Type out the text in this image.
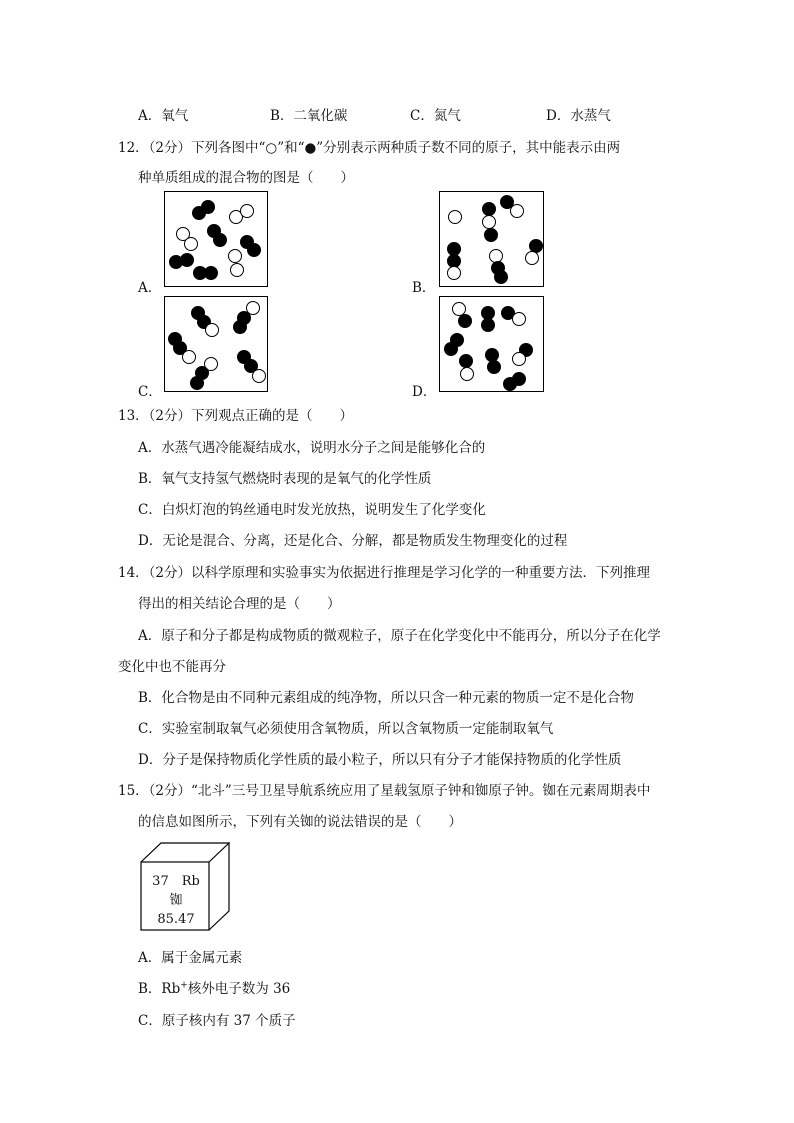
A．氧气	B．二氧化碳	C．氮气	D．水蒸气
12．（2分）下列各图中“○”和“●”分别表示两种质子数不同的原子，其中能表示由两
种单质组成的混合物的图是（　　）
A．	B．
C．	D．
13．（2分）下列观点正确的是（　　）
A．水蒸气遇冷能凝结成水，说明水分子之间是能够化合的
B．氧气支持氢气燃烧时表现的是氧气的化学性质
C．白炽灯泡的钨丝通电时发光放热，说明发生了化学变化
D．无论是混合、分离，还是化合、分解，都是物质发生物理变化的过程
14．（2分）以科学原理和实验事实为依据进行推理是学习化学的一种重要方法．下列推理
得出的相关结论合理的是（　　）
A．原子和分子都是构成物质的微观粒子，原子在化学变化中不能再分，所以分子在化学
变化中也不能再分
B．化合物是由不同种元素组成的纯净物，所以只含一种元素的物质一定不是化合物
C．实验室制取氧气必须使用含氧物质，所以含氧物质一定能制取氧气
D．分子是保持物质化学性质的最小粒子，所以只有分子才能保持物质的化学性质
15．（2分）“北斗”三号卫星导航系统应用了星载氢原子钟和铷原子钟。铷在元素周期表中
的信息如图所示，下列有关铷的说法错误的是（　　）
37　Rb
铷
85.47
A．属于金属元素
B．Rb+核外电子数为 36
C．原子核内有 37 个质子
